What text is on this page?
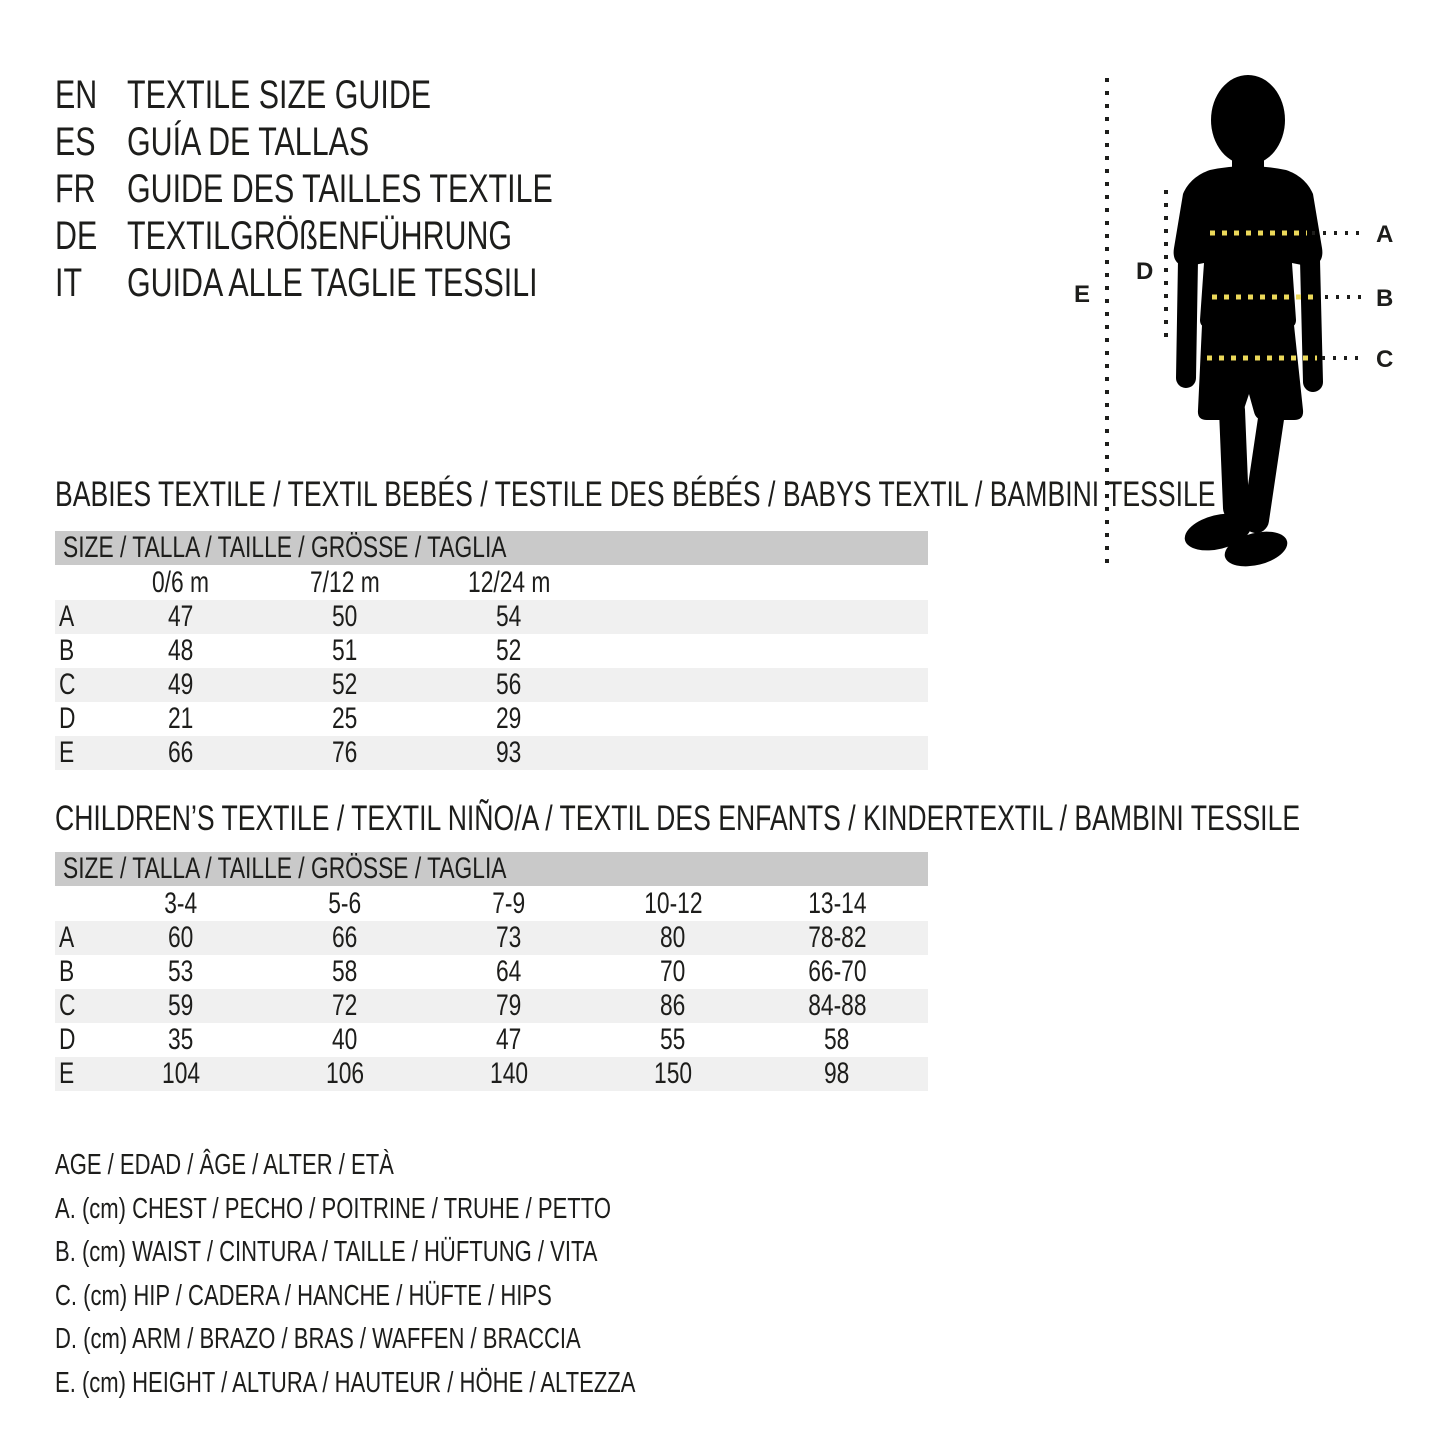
EN TEXTILE SIZE GUIDE
ES GUÍA DE TALLAS
FR GUIDE DES TAILLES TEXTILE
DE TEXTILGRÖßENFÜHRUNG
IT	GUIDA ALLE TAGLIE TESSILI	E
D
A
B
C
BABIES TEXTILE / TEXTIL BEBÉS / TESTILE DES BÉBÉS / BABYS TEXTIL / BAMBINI TESSILE
SIZE / TALLA / TAILLE / GRÖSSE / TAGLIA				
	0/6 m	7/12 m	12/24 m	
A	47	50	54	
B	48	51	52	
C	49	52	56	
D	21	25	29	
E	66	76	93	
CHILDREN’S TEXTILE / TEXTIL NIÑO/A / TEXTIL DES ENFANTS / KINDERTEXTIL / BAMBINI TESSILE
SIZE / TALLA / TAILLE / GRÖSSE / TAGLIA						
	3-4	5-6	7-9	10-12	13-14	
A	60	66	73	80	78-82	
B	53	58	64	70	66-70	
C	59	72	79	86	84-88	
D	35	40	47	55	58	
E	104	106	140	150	98	
AGE / EDAD / ÂGE / ALTER / ETÀ
A. (cm) CHEST / PECHO / POITRINE / TRUHE / PETTO
B. (cm) WAIST / CINTURA / TAILLE / HÜFTUNG / VITA
C. (cm) HIP / CADERA / HANCHE / HÜFTE / HIPS
D. (cm) ARM / BRAZO / BRAS / WAFFEN / BRACCIA
E. (cm) HEIGHT / ALTURA / HAUTEUR / HÖHE / ALTEZZA
